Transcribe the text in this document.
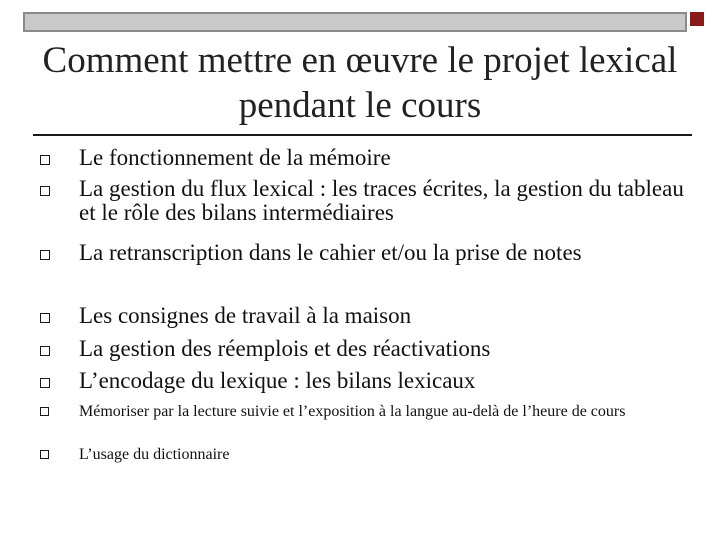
Comment mettre en œuvre le projet lexical pendant le cours
Le fonctionnement de la mémoire
La gestion du flux lexical : les traces écrites, la gestion du tableau et le rôle des bilans intermédiaires
La retranscription dans le cahier et/ou la prise de notes
Les consignes de travail à la maison
La gestion des réemplois et des réactivations
L’encodage du lexique : les bilans lexicaux
Mémoriser par la lecture suivie et l’exposition à la langue au-delà de l’heure de cours
L’usage du dictionnaire
